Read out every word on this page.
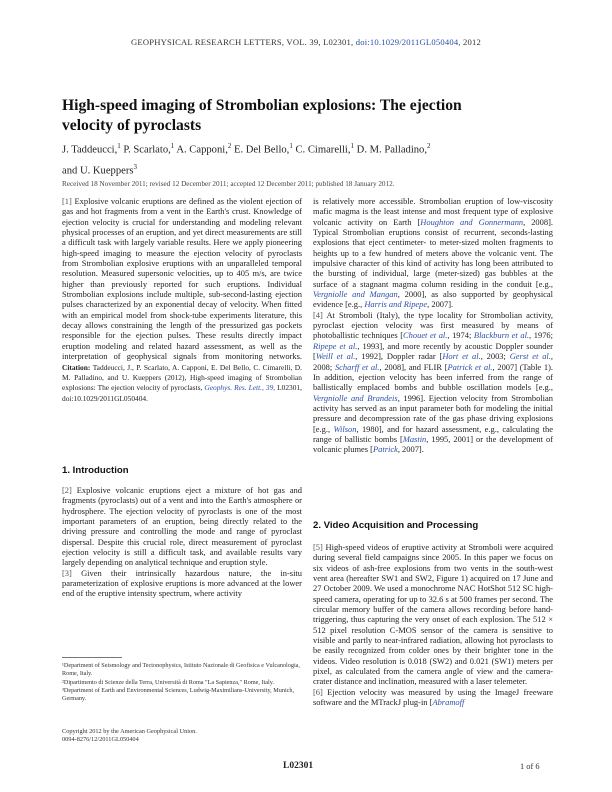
GEOPHYSICAL RESEARCH LETTERS, VOL. 39, L02301, doi:10.1029/2011GL050404, 2012
High-speed imaging of Strombolian explosions: The ejection velocity of pyroclasts
J. Taddeucci,$^1$ P. Scarlato,$^1$ A. Capponi,$^2$ E. Del Bello,$^1$ C. Cimarelli,$^1$ D. M. Palladino,$^2$
and U. Kueppers$^3$
Received 18 November 2011; revised 12 December 2011; accepted 12 December 2011; published 18 January 2012.

[1] Explosive volcanic eruptions are defined as the violent ejection of gas and hot fragments from a vent in the Earth's crust. Knowledge of ejection velocity is crucial for understanding and modeling relevant physical processes of an eruption, and yet direct measurements are still a difficult task with largely variable results. Here we apply pioneering high-speed imaging to measure the ejection velocity of pyroclasts from Strombolian explosive eruptions with an unparalleled temporal resolution. Measured supersonic velocities, up to 405 m/s, are twice higher than previously reported for such eruptions. Individual Strombolian explosions include multiple, sub-second-lasting ejection pulses characterized by an exponential decay of velocity. When fitted with an empirical model from shock-tube experiments literature, this decay allows constraining the length of the pressurized gas pockets responsible for the ejection pulses. These results directly impact eruption modeling and related hazard assessment, as well as the interpretation of geophysical signals from monitoring networks. Citation: Taddeucci, J., P. Scarlato, A. Capponi, E. Del Bello, C. Cimarelli, D. M. Palladino, and U. Kueppers (2012), High-speed imaging of Strombolian explosions: The ejection velocity of pyroclasts, Geophys. Res. Lett., 39, L02301, doi:10.1029/2011GL050404.

1. Introduction

[2] Explosive volcanic eruptions eject a mixture of hot gas and fragments (pyroclasts) out of a vent and into the Earth's atmosphere or hydrosphere. The ejection velocity of pyroclasts is one of the most important parameters of an eruption, being directly related to the driving pressure and controlling the mode and range of pyroclast dispersal. Despite this crucial role, direct measurement of pyroclast ejection velocity is still a difficult task, and available results vary largely depending on analytical technique and eruption style.

[3] Given their intrinsically hazardous nature, the in-situ parameterization of explosive eruptions is more advanced at the lower end of the eruptive intensity spectrum, where activity

is relatively more accessible. Strombolian eruption of low-viscosity mafic magma is the least intense and most frequent type of explosive volcanic activity on Earth [Houghton and Gonnermann, 2008]. Typical Strombolian eruptions consist of recurrent, seconds-lasting explosions that eject centimeter- to meter-sized molten fragments to heights up to a few hundred of meters above the volcanic vent. The impulsive character of this kind of activity has long been attributed to the bursting of individual, large (meter-sized) gas bubbles at the surface of a stagnant magma column residing in the conduit [e.g., Vergniolle and Mangan, 2000], as also supported by geophysical evidence [e.g., Harris and Ripepe, 2007].

[4] At Stromboli (Italy), the type locality for Strombolian activity, pyroclast ejection velocity was first measured by means of photoballistic techniques [Chouet et al., 1974; Blackburn et al., 1976; Ripepe et al., 1993], and more recently by acoustic Doppler sounder [Weill et al., 1992], Doppler radar [Hort et al., 2003; Gerst et al., 2008; Scharff et al., 2008], and FLIR [Patrick et al., 2007] (Table 1). In addition, ejection velocity has been inferred from the range of ballistically emplaced bombs and bubble oscillation models [e.g., Vergniolle and Brandeis, 1996]. Ejection velocity from Strombolian activity has served as an input parameter both for modeling the initial pressure and decompression rate of the gas phase driving explosions [e.g., Wilson, 1980], and for hazard assessment, e.g., calculating the range of ballistic bombs [Mastin, 1995, 2001] or the development of volcanic plumes [Patrick, 2007].

2. Video Acquisition and Processing

[5] High-speed videos of eruptive activity at Stromboli were acquired during several field campaigns since 2005. In this paper we focus on six videos of ash-free explosions from two vents in the south-west vent area (hereafter SW1 and SW2, Figure 1) acquired on 17 June and 27 October 2009. We used a monochrome NAC HotShot 512 SC high-speed camera, operating for up to 32.6 s at 500 frames per second. The circular memory buffer of the camera allows recording before hand-triggering, thus capturing the very onset of each explosion. The 512 × 512 pixel resolution C-MOS sensor of the camera is sensitive to visible and partly to near-infrared radiation, allowing hot pyroclasts to be easily recognized from colder ones by their brighter tone in the videos. Video resolution is 0.018 (SW2) and 0.021 (SW1) meters per pixel, as calculated from the camera angle of view and the camera-crater distance and inclination, measured with a laser telemeter.

[6] Ejection velocity was measured by using the ImageJ freeware software and the MTrackJ plug-in [Abramoff

¹Department of Seismology and Tectonophysics, Istituto Nazionale di Geofisica e Vulcanologia, Rome, Italy.

²Dipartimento di Scienze della Terra, Università di Roma "La Sapienza," Rome, Italy.

³Department of Earth and Environmental Sciences, Ludwig-Maximilians-University, Munich, Germany.

Copyright 2012 by the American Geophysical Union.
0094-8276/12/2011GL050404
L02301	1 of 6
